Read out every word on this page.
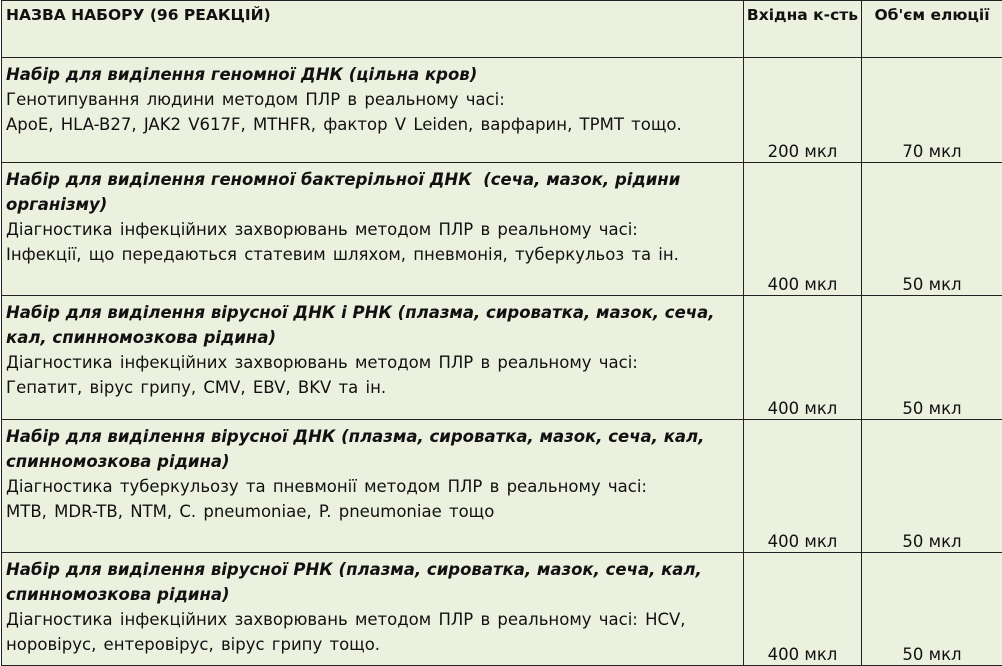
НАЗВА НАБОРУ (96 РЕАКЦІЙ)	Вхідна к-сть	Об'єм елюції

Набір для виділення геномної ДНК (цільна кров)
Генотипування людини методом ПЛР в реальному часі:
ApoE, HLA-B27, JAK2 V617F, MTHFR, фактор V Leiden, варфарин, TPMT тощо.	200 мкл	70 мкл

Набір для виділення геномної бактерільної ДНК  (сеча, мазок, рідини організму)
Діагностика інфекційних захворювань методом ПЛР в реальному часі:
Інфекції, що передаються статевим шляхом, пневмонія, туберкульоз та ін.	400 мкл	50 мкл

Набір для виділення вірусної ДНК і РНК (плазма, сироватка, мазок, сеча, кал, спинномозкова рідина)
Діагностика інфекційних захворювань методом ПЛР в реальному часі:
Гепатит, вірус грипу, CMV, EBV, BKV та ін.	400 мкл	50 мкл

Набір для виділення вірусної ДНК (плазма, сироватка, мазок, сеча, кал, спинномозкова рідина)
Діагностика туберкульозу та пневмонії методом ПЛР в реальному часі:
MTB, MDR-TB, NTM, C. pneumoniae, P. pneumoniae тощо	400 мкл	50 мкл

Набір для виділення вірусної РНК (плазма, сироватка, мазок, сеча, кал, спинномозкова рідина)
Діагностика інфекційних захворювань методом ПЛР в реальному часі: HCV, норовірус, ентеровірус, вірус грипу тощо.	400 мкл	50 мкл
